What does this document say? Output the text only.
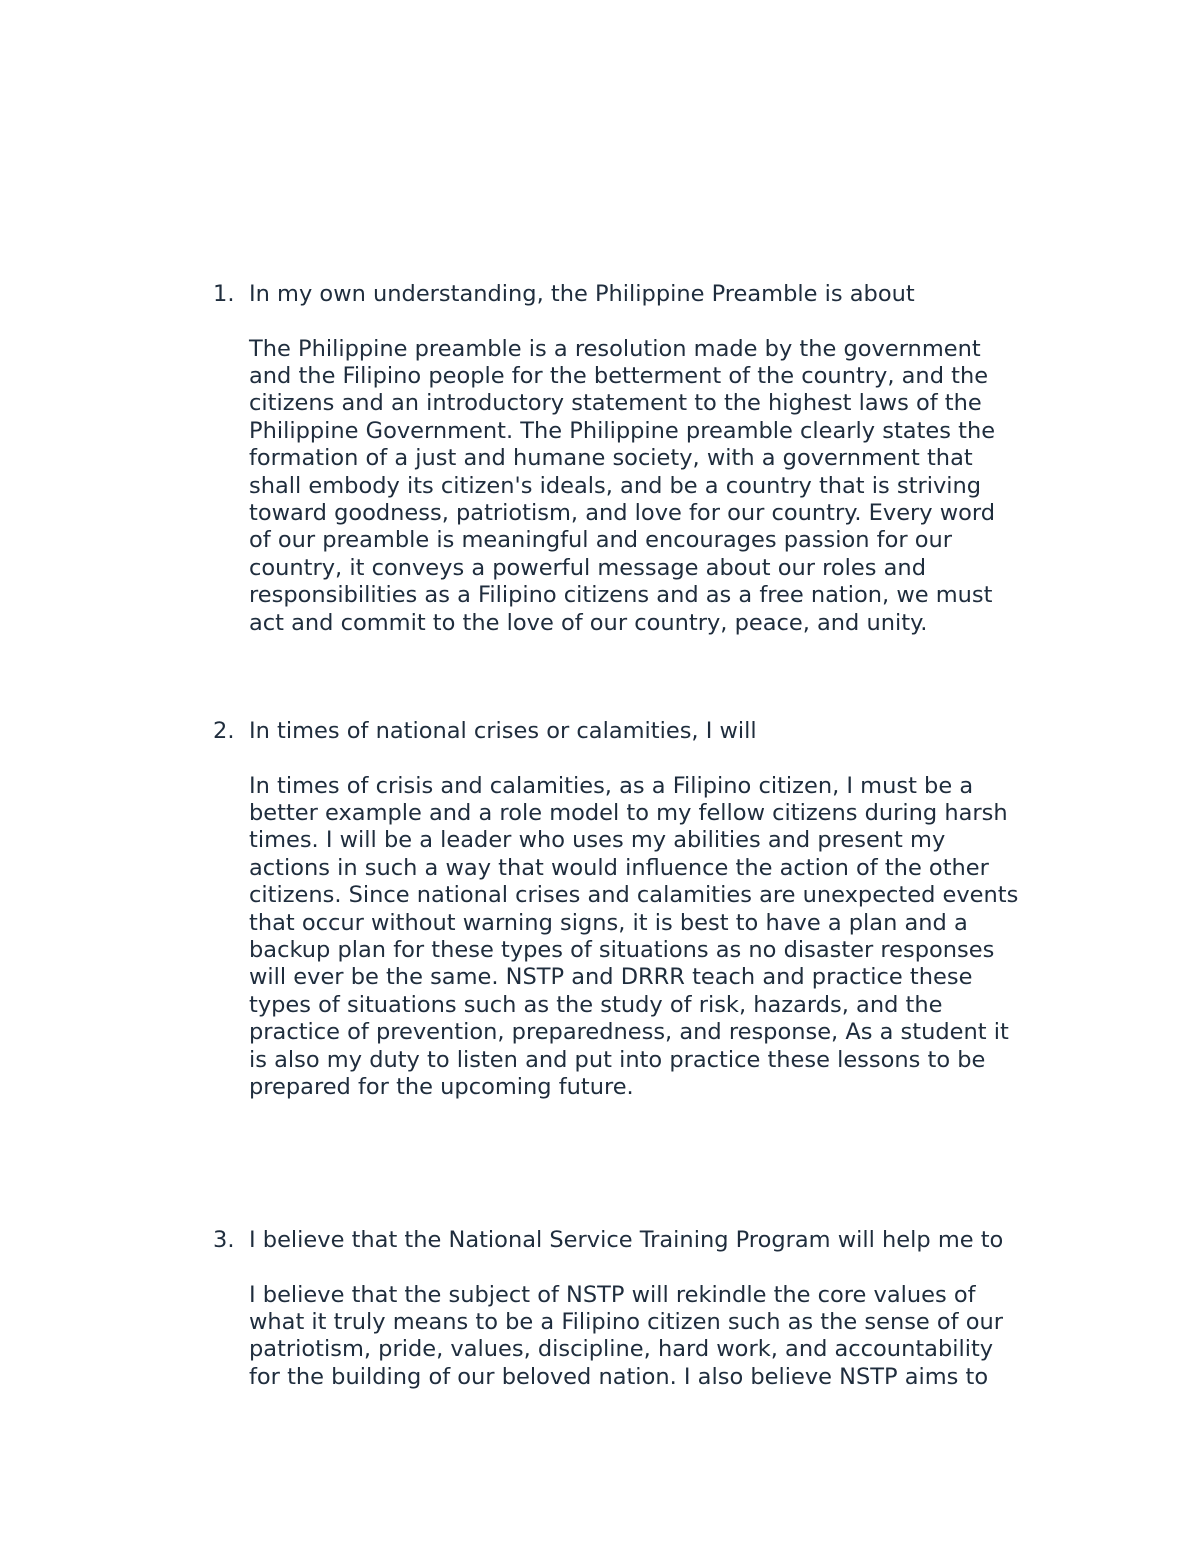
1. In my own understanding, the Philippine Preamble is about
The Philippine preamble is a resolution made by the government
and the Filipino people for the betterment of the country, and the
citizens and an introductory statement to the highest laws of the
Philippine Government. The Philippine preamble clearly states the
formation of a just and humane society, with a government that
shall embody its citizen's ideals, and be a country that is striving
toward goodness, patriotism, and love for our country. Every word
of our preamble is meaningful and encourages passion for our
country, it conveys a powerful message about our roles and
responsibilities as a Filipino citizens and as a free nation, we must
act and commit to the love of our country, peace, and unity.
2. In times of national crises or calamities, I will
In times of crisis and calamities, as a Filipino citizen, I must be a
better example and a role model to my fellow citizens during harsh
times. I will be a leader who uses my abilities and present my
actions in such a way that would influence the action of the other
citizens. Since national crises and calamities are unexpected events
that occur without warning signs, it is best to have a plan and a
backup plan for these types of situations as no disaster responses
will ever be the same. NSTP and DRRR teach and practice these
types of situations such as the study of risk, hazards, and the
practice of prevention, preparedness, and response, As a student it
is also my duty to listen and put into practice these lessons to be
prepared for the upcoming future.
3. I believe that the National Service Training Program will help me to
I believe that the subject of NSTP will rekindle the core values of
what it truly means to be a Filipino citizen such as the sense of our
patriotism, pride, values, discipline, hard work, and accountability
for the building of our beloved nation. I also believe NSTP aims to
